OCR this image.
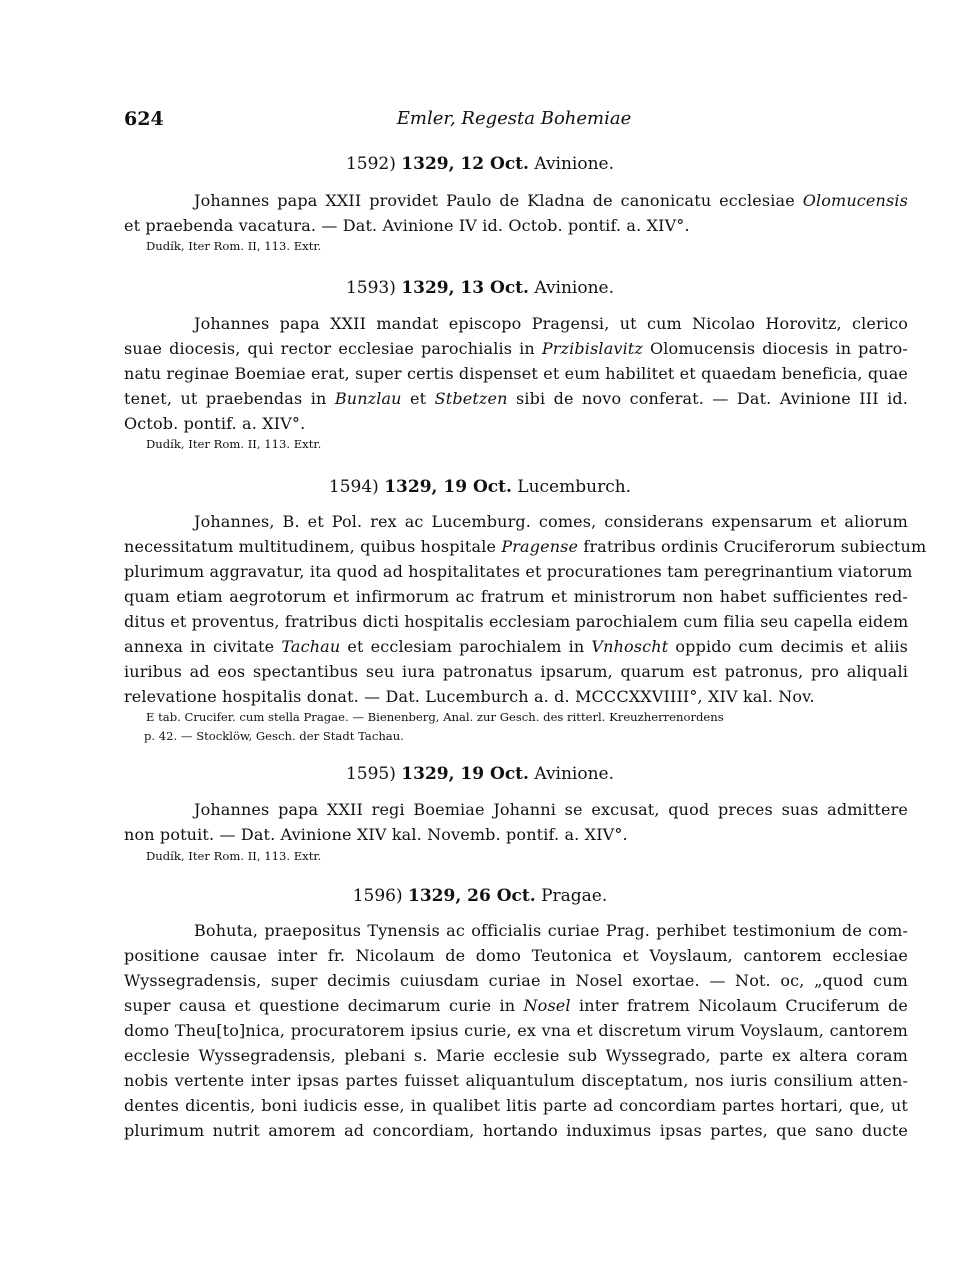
624	Emler, Regesta Bohemiae
1592) 1329, 12 Oct. Avinione.
Johannes papa XXII providet Paulo de Kladna de canonicatu ecclesiae Olomucensis
et praebenda vacatura. — Dat. Avinione IV id. Octob. pontif. a. XIV°.
Dudík, Iter Rom. II, 113. Extr.
1593) 1329, 13 Oct. Avinione.
Johannes papa XXII mandat episcopo Pragensi, ut cum Nicolao Horovitz, clerico
suae diocesis, qui rector ecclesiae parochialis in Przibislavitz Olomucensis diocesis in patro-
natu reginae Boemiae erat, super certis dispenset et eum habilitet et quaedam beneficia, quae
tenet, ut praebendas in Bunzlau et Stbetzen sibi de novo conferat. — Dat. Avinione III id.
Octob. pontif. a. XIV°.
Dudík, Iter Rom. II, 113. Extr.
1594) 1329, 19 Oct. Lucemburch.
Johannes, B. et Pol. rex ac Lucemburg. comes, considerans expensarum et aliorum
necessitatum multitudinem, quibus hospitale Pragense fratribus ordinis Cruciferorum subiectum
plurimum aggravatur, ita quod ad hospitalitates et procurationes tam peregrinantium viatorum
quam etiam aegrotorum et infirmorum ac fratrum et ministrorum non habet sufficientes red-
ditus et proventus, fratribus dicti hospitalis ecclesiam parochialem cum filia seu capella eidem
annexa in civitate Tachau et ecclesiam parochialem in Vnhoscht oppido cum decimis et aliis
iuribus ad eos spectantibus seu iura patronatus ipsarum, quarum est patronus, pro aliquali
relevatione hospitalis donat. — Dat. Lucemburch a. d. MCCCXXVIIII°, XIV kal. Nov.
E tab. Crucifer. cum stella Pragae. — Bienenberg, Anal. zur Gesch. des ritterl. Kreuzherrenordens
p. 42. — Stocklöw, Gesch. der Stadt Tachau.
1595) 1329, 19 Oct. Avinione.
Johannes papa XXII regi Boemiae Johanni se excusat, quod preces suas admittere
non potuit. — Dat. Avinione XIV kal. Novemb. pontif. a. XIV°.
Dudík, Iter Rom. II, 113. Extr.
1596) 1329, 26 Oct. Pragae.
Bohuta, praepositus Tynensis ac officialis curiae Prag. perhibet testimonium de com-
positione causae inter fr. Nicolaum de domo Teutonica et Voyslaum, cantorem ecclesiae
Wyssegradensis, super decimis cuiusdam curiae in Nosel exortae. — Not. oc, „quod cum
super causa et questione decimarum curie in Nosel inter fratrem Nicolaum Cruciferum de
domo Theu[to]nica, procuratorem ipsius curie, ex vna et discretum virum Voyslaum, cantorem
ecclesie Wyssegradensis, plebani s. Marie ecclesie sub Wyssegrado, parte ex altera coram
nobis vertente inter ipsas partes fuisset aliquantulum disceptatum, nos iuris consilium atten-
dentes dicentis, boni iudicis esse, in qualibet litis parte ad concordiam partes hortari, que, ut
plurimum nutrit amorem ad concordiam, hortando induximus ipsas partes, que sano ducte
